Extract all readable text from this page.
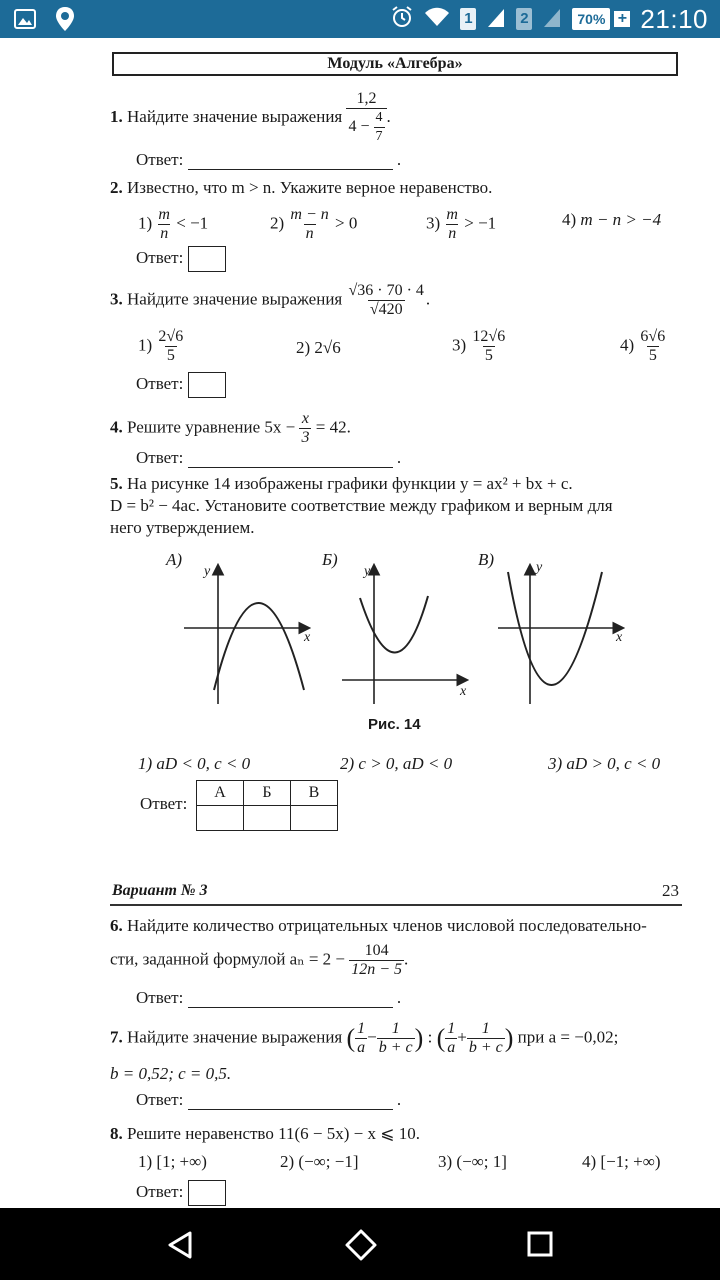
1	2	70% + 21:10
Модуль «Алгебра»
1. Найдите значение выражения $\frac{1,2}{4 - \frac{4}{7}}$ .
Ответ:	.
2. Известно, что m > n. Укажите верное неравенство.
$1) \frac{m}{n} < -1$	$2) \frac{m - n}{n} > 0$	$3) \frac{m}{n} > -1$	4) m − n > −4
Ответ:
3. Найдите значение выражения $\frac{√36 \cdot 70 \cdot 4}{√420}$ .
$1) \frac{2√6}{5}$	2) 2√6	$3) \frac{12√6}{5}$	$4) \frac{6√6}{5}$
Ответ:
4. Решите уравнение $5x - \frac{x}{3} = 42$.
Ответ:	.
5. На рисунке 14 изображены графики функции y = ax² + bx + c.
D = b² − 4ac. Установите соответствие между графиком и верным для
него утверждением.
А)	Б)	В)
y
x
y
x
y
x
Рис. 14
1) aD < 0, c < 0	2) c > 0, aD < 0	3) aD > 0, c < 0
Ответ:
А	Б	В

Вариант № 3	23
6. Найдите количество отрицательных членов числовой последовательно-
сти, заданной формулой $a_n = 2 - \frac{104}{12n - 5}$ .
Ответ:	.
7. Найдите значение выражения ( $\frac{1}{a} - \frac{1}{b + c}$ ) : ( $\frac{1}{a} + \frac{1}{b + c}$ ) при a = −0,02;
b = 0,52; c = 0,5.
Ответ:	.
8. Решите неравенство 11(6 − 5x) − x ⩽ 10.
1) [1; +∞)	2) (−∞; −1]	3) (−∞; 1]	4) [−1; +∞)
Ответ:
